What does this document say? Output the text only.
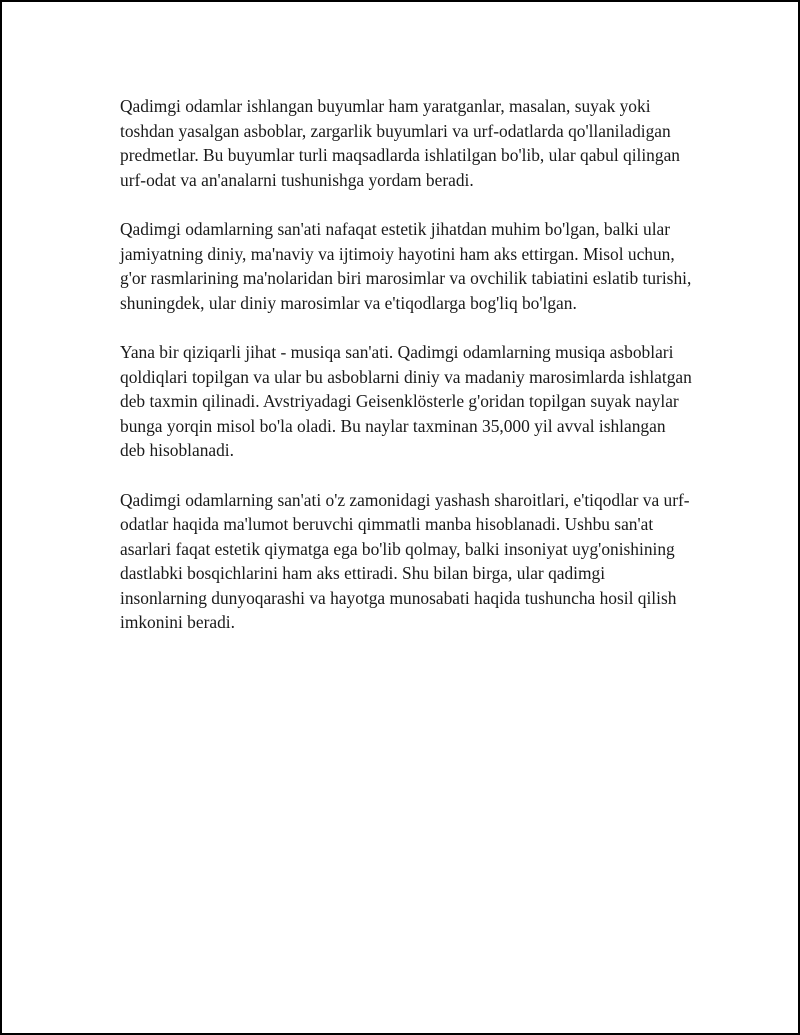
Qadimgi odamlar ishlangan buyumlar ham yaratganlar, masalan, suyak yoki toshdan yasalgan asboblar, zargarlik buyumlari va urf-odatlarda qo'llaniladigan predmetlar. Bu buyumlar turli maqsadlarda ishlatilgan bo'lib, ular qabul qilingan urf-odat va an'analarni tushunishga yordam beradi.

Qadimgi odamlarning san'ati nafaqat estetik jihatdan muhim bo'lgan, balki ular jamiyatning diniy, ma'naviy va ijtimoiy hayotini ham aks ettirgan. Misol uchun, g'or rasmlarining ma'nolaridan biri marosimlar va ovchilik tabiatini eslatib turishi, shuningdek, ular diniy marosimlar va e'tiqodlarga bog'liq bo'lgan.

Yana bir qiziqarli jihat - musiqa san'ati. Qadimgi odamlarning musiqa asboblari qoldiqlari topilgan va ular bu asboblarni diniy va madaniy marosimlarda ishlatgan deb taxmin qilinadi. Avstriyadagi Geisenklösterle g'oridan topilgan suyak naylar bunga yorqin misol bo'la oladi. Bu naylar taxminan 35,000 yil avval ishlangan deb hisoblanadi.

Qadimgi odamlarning san'ati o'z zamonidagi yashash sharoitlari, e'tiqodlar va urf-odatlar haqida ma'lumot beruvchi qimmatli manba hisoblanadi. Ushbu san'at asarlari faqat estetik qiymatga ega bo'lib qolmay, balki insoniyat uyg'onishining dastlabki bosqichlarini ham aks ettiradi. Shu bilan birga, ular qadimgi insonlarning dunyoqarashi va hayotga munosabati haqida tushuncha hosil qilish imkonini beradi.
